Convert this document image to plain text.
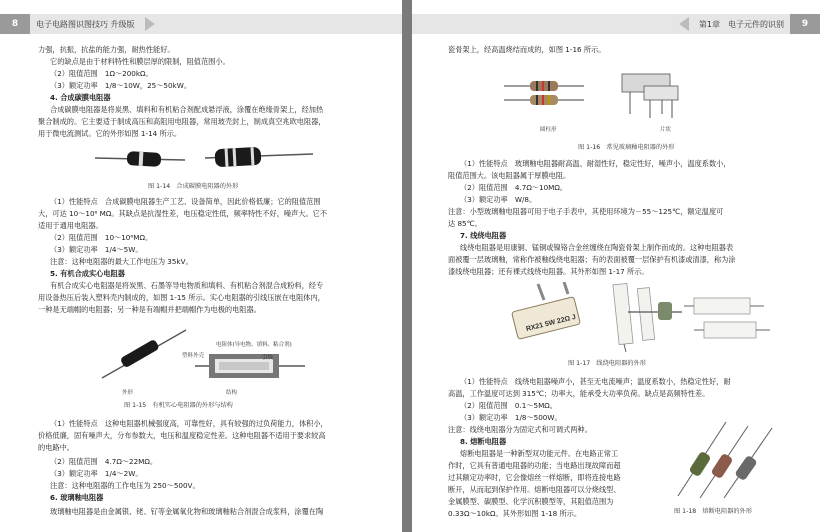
8	电子电路图识图技巧 升级版
力强，抗振，抗盐的能力强，耐热性能好。
它的缺点是由于材料特性和膜层厚的限制，阻值范围小。
（2）阻值范围　1Ω～200kΩ。
（3）额定功率　1/8～10W，25～50kW。
4. 合成碳膜电阻器
合成碳膜电阻器是将炭黑、填料和有机粘合剂配成悬浮液，涂覆在绝缘骨架上，经加热
聚合制成的。它主要适于制成高压和高阻用电阻器，常用玻壳封上，制成真空兆欧电阻器，
用于微电流测试。它的外形如图 1-14 所示。
图 1-14　合成碳膜电阻器的外形
（1）性能特点　合成碳膜电阻器生产工艺、设备简单，因此价格低廉；它的阻值范围
大，可达 10～10⁶ MΩ。其缺点是抗湿性差，电压稳定性低，频率特性不好，噪声大。它不
适用于通用电阻器。
（2）阻值范围　10～10⁶MΩ。
（3）额定功率　1/4～5W。
注意：这种电阻器的最大工作电压为 35kV。
5. 有机合成实心电阻器
有机合成实心电阻器是将炭黑、石墨等导电物质和填料、有机粘合剂混合成粉料，经专
用设备热压后装入塑料壳内制成的，如图 1-15 所示。实心电阻器的引线压嵌在电阻体内，
一种是无端帽的电阻器；另一种是有端帽并把端帽作为电极的电阻器。
电阻体(导电物、填料、粘合剂)
塑料外壳	引线
外形	结构
图 1-15　有机实心电阻器的外形与结构
（1）性能特点　这种电阻器机械强度高，可靠性好，具有较强的过负荷能力，体积小，
价格低廉，固有噪声大，分布参数大，电压和温度稳定性差。这种电阻器不适用于要求较高
的电路中。
（2）阻值范围　4.7Ω～22MΩ。
（3）额定功率　1/4～2W。
注意：这种电阻器的工作电压为 250～500V。
6. 玻璃釉电阻器
玻璃釉电阻器是由金属银、铑、钌等金属氧化物和玻璃釉粘合剂混合成浆料，涂覆在陶
第1章　电子元件的识别	9
瓷骨架上，经高温烧结而成的，如图 1-16 所示。
圆柱形	片状
图 1-16　常见玻璃釉电阻器的外形
（1）性能特点　玻璃釉电阻器耐高温、耐湿性好，稳定性好，噪声小，温度系数小，
阻值范围大。该电阻器属于厚膜电阻。
（2）阻值范围　4.7Ω～10MΩ。
（3）额定功率　W/8。
注意：小型玻璃釉电阻器可用于电子手表中，其使用环境为－55～125℃，额定温度可
达 85℃。
7. 线绕电阻器
线绕电阻器是用康铜、锰铜或镍铬合金丝缠绕在陶瓷骨架上制作而成的。这种电阻器表
面被覆一层玻璃釉，常称作被釉线绕电阻器；有的表面被覆一层保护有机漆或清漆，称为涂
漆线绕电阻器；还有裸式线绕电阻器。其外形如图 1-17 所示。
RX21 5W 22Ω J
图 1-17　线绕电阻器的外形
（1）性能特点　线绕电阻器噪声小，甚至无电流噪声；温度系数小，热稳定性好，耐
高温，工作温度可达到 315℃；功率大，能承受大功率负荷。缺点是高频特性差。
（2）阻值范围　0.1～5MΩ。
（3）额定功率　1/8～500W。
注意：线绕电阻器分为固定式和可调式两种。
8. 熔断电阻器
熔断电阻器是一种新型双功能元件。在电路正常工
作时，它具有普通电阻器的功能；当电路出现故障而超
过其额定功率时，它会像熔丝一样熔断，即将连接电路
断开，从而起到保护作用。熔断电阻器可以分烧线型、
金属膜型、碳膜型、化学沉积膜型等，其阻值范围为
0.33Ω～10kΩ。其外形如图 1-18 所示。	图 1-18　熔断电阻器的外形
